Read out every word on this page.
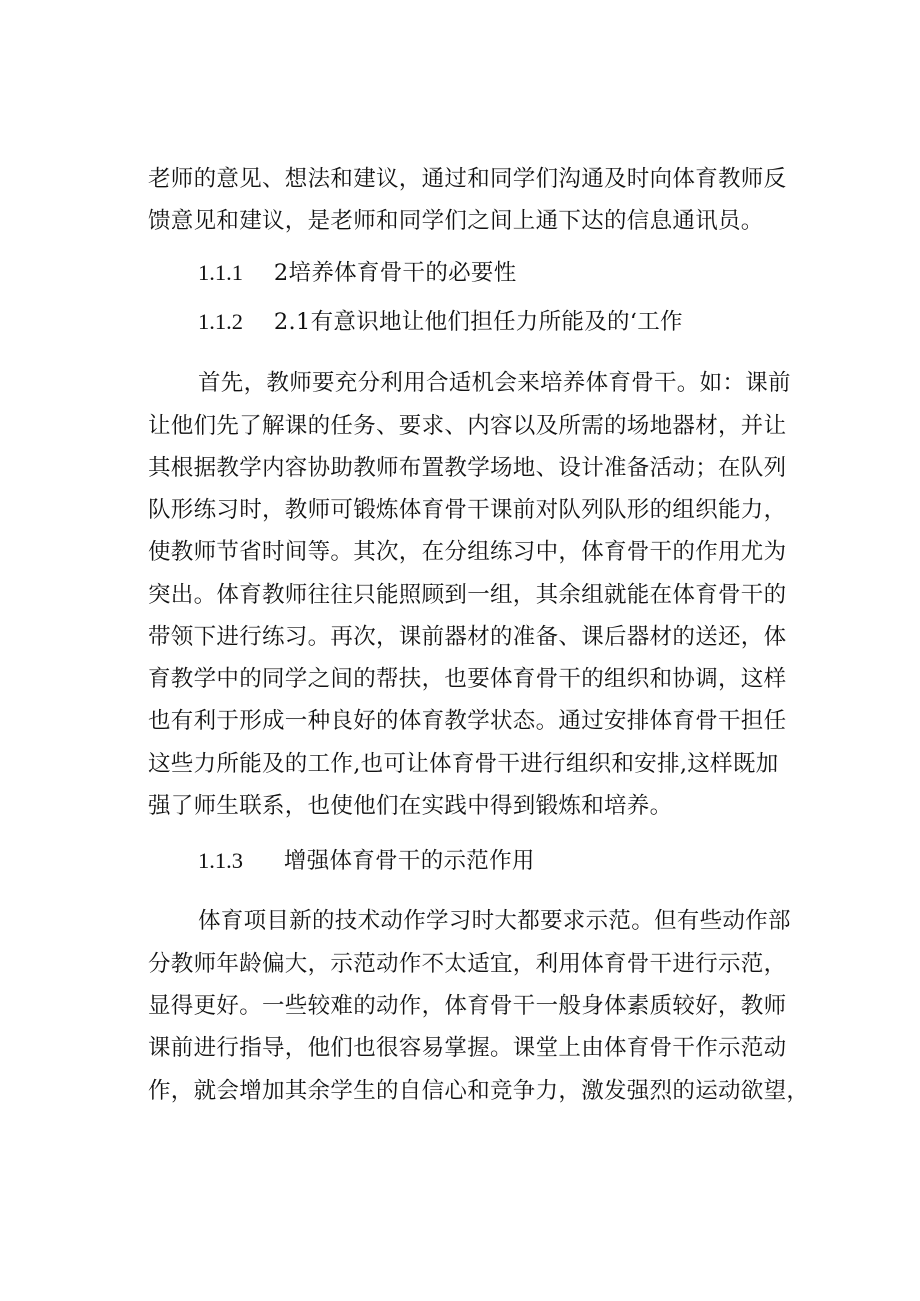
老师的意见、想法和建议，通过和同学们沟通及时向体育教师反
馈意见和建议，是老师和同学们之间上通下达的信息通讯员。
1.1.1 2培养体育骨干的必要性
1.1.2 2.1有意识地让他们担任力所能及的‘工作
首先，教师要充分利用合适机会来培养体育骨干。如：课前
让他们先了解课的任务、要求、内容以及所需的场地器材，并让
其根据教学内容协助教师布置教学场地、设计准备活动；在队列
队形练习时，教师可锻炼体育骨干课前对队列队形的组织能力，
使教师节省时间等。其次，在分组练习中，体育骨干的作用尤为
突出。体育教师往往只能照顾到一组，其余组就能在体育骨干的
带领下进行练习。再次，课前器材的准备、课后器材的送还，体
育教学中的同学之间的帮扶，也要体育骨干的组织和协调，这样
也有利于形成一种良好的体育教学状态。通过安排体育骨干担任
这些力所能及的工作,也可让体育骨干进行组织和安排,这样既加
强了师生联系，也使他们在实践中得到锻炼和培养。
1.1.3 增强体育骨干的示范作用
体育项目新的技术动作学习时大都要求示范。但有些动作部
分教师年龄偏大，示范动作不太适宜，利用体育骨干进行示范，
显得更好。一些较难的动作，体育骨干一般身体素质较好，教师
课前进行指导，他们也很容易掌握。课堂上由体育骨干作示范动
作，就会增加其余学生的自信心和竞争力，激发强烈的运动欲望，
